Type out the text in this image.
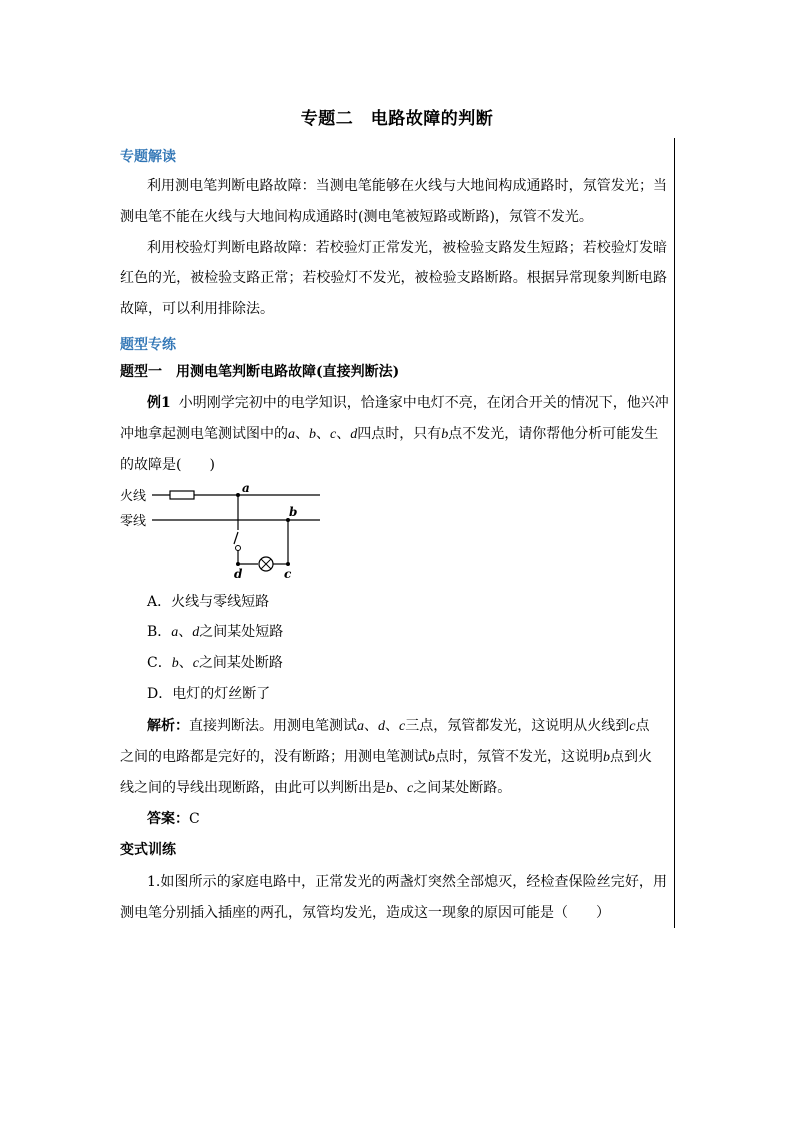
专题二　电路故障的判断
专题解读
利用测电笔判断电路故障：当测电笔能够在火线与大地间构成通路时，氖管发光；当
测电笔不能在火线与大地间构成通路时(测电笔被短路或断路)，氖管不发光。
利用校验灯判断电路故障：若校验灯正常发光，被检验支路发生短路；若校验灯发暗
红色的光，被检验支路正常；若校验灯不发光，被检验支路断路。根据异常现象判断电路
故障，可以利用排除法。
题型专练
题型一　用测电笔判断电路故障(直接判断法)
例1 小明刚学完初中的电学知识，恰逢家中电灯不亮，在闭合开关的情况下，他兴冲
冲地拿起测电笔测试图中的a、b、c、d四点时，只有b点不发光，请你帮他分析可能发生
的故障是(　　)
火线
零线
a
b
d	c
A．火线与零线短路
B．a、d之间某处短路
C．b、c之间某处断路
D．电灯的灯丝断了
解析：直接判断法。用测电笔测试a、d、c三点，氖管都发光，这说明从火线到c点
之间的电路都是完好的，没有断路；用测电笔测试b点时，氖管不发光，这说明b点到火
线之间的导线出现断路，由此可以判断出是b、c之间某处断路。
答案：C
变式训练
1.如图所示的家庭电路中，正常发光的两盏灯突然全部熄灭，经检查保险丝完好，用
测电笔分别插入插座的两孔，氖管均发光，造成这一现象的原因可能是（　　）
